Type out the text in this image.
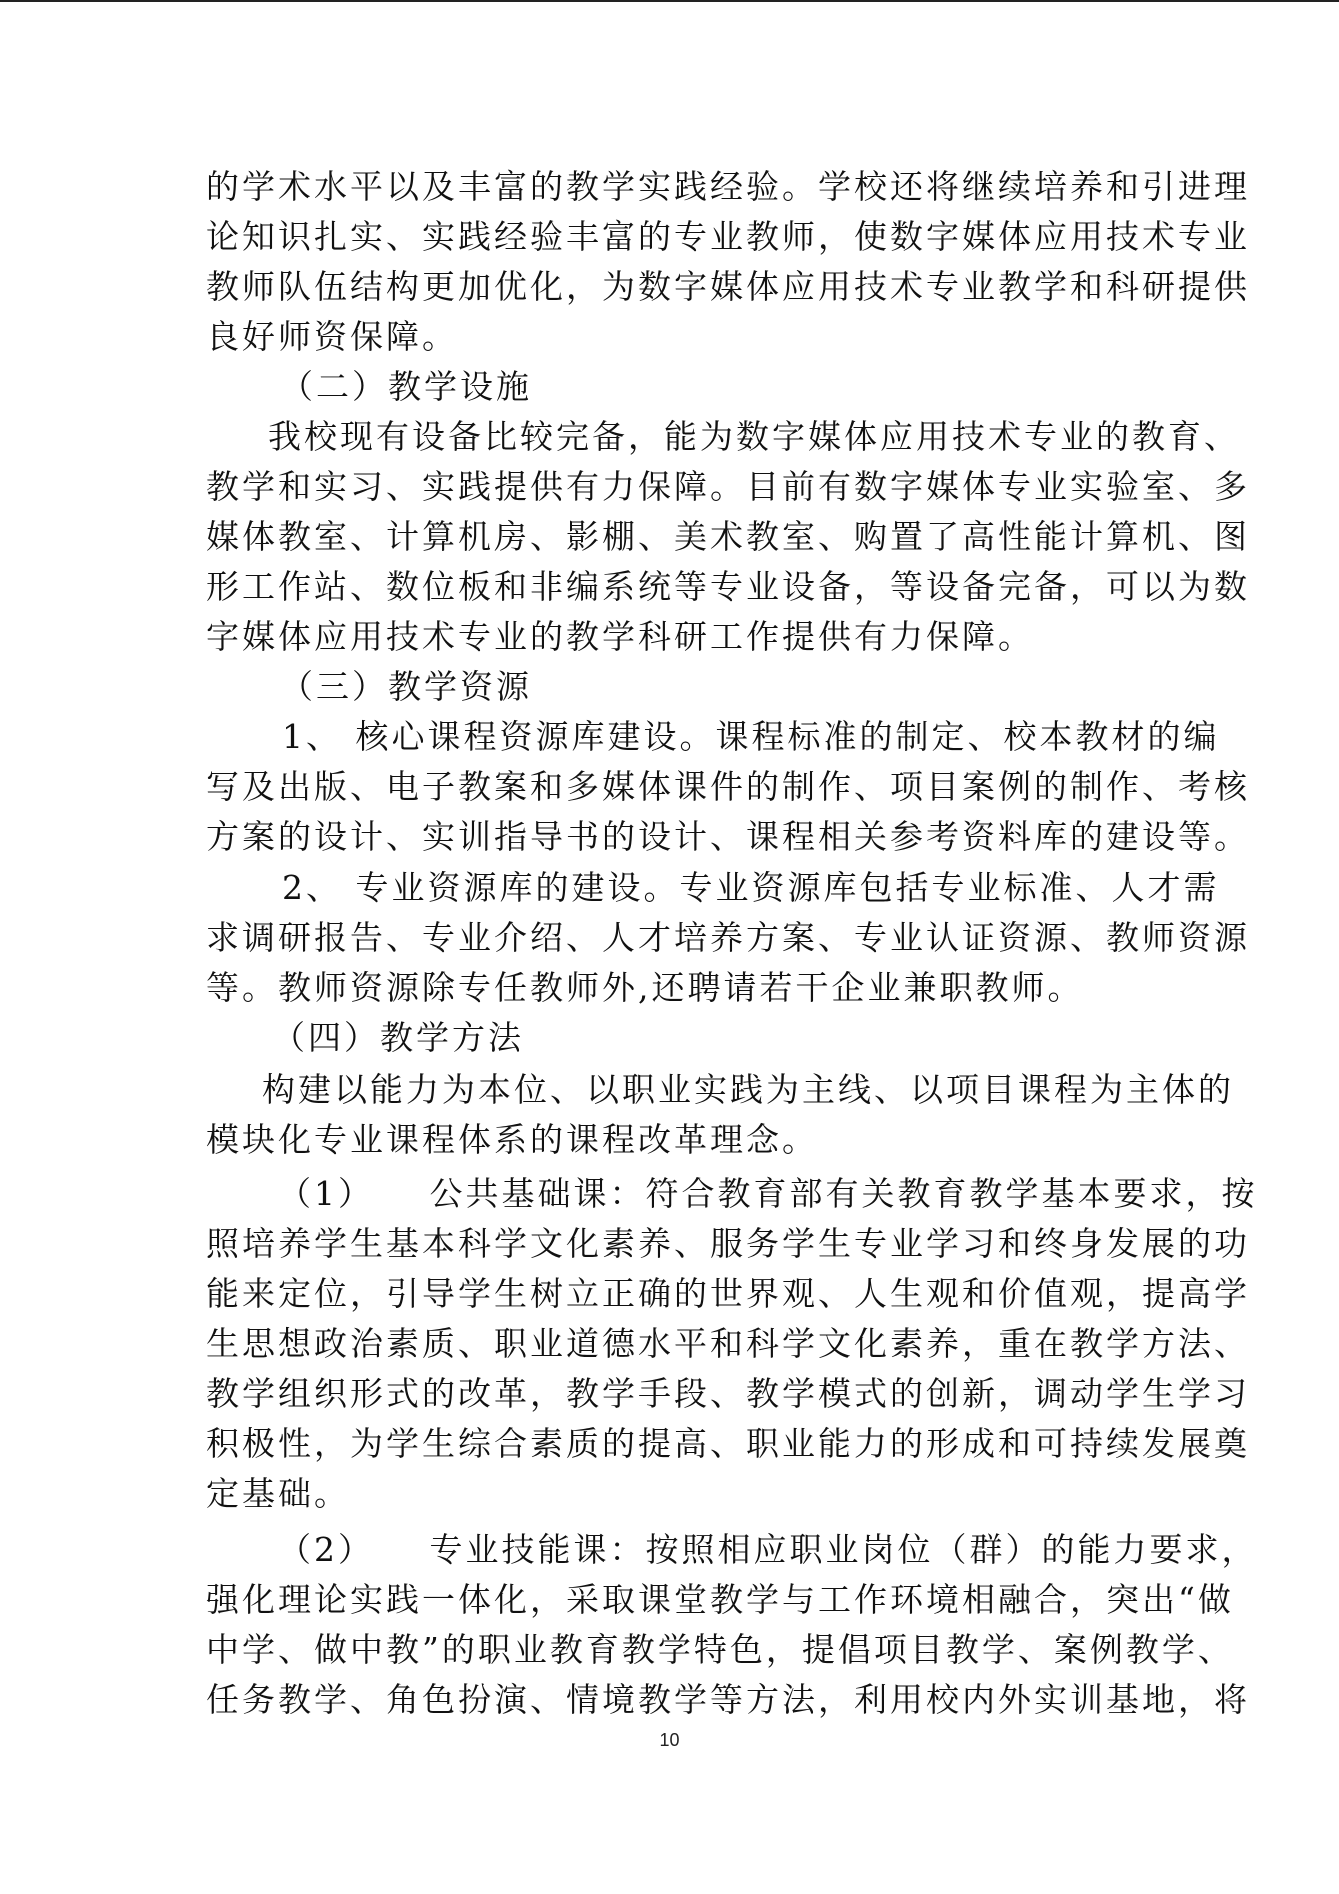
的学术水平以及丰富的教学实践经验。学校还将继续培养和引进理
论知识扎实、实践经验丰富的专业教师，使数字媒体应用技术专业
教师队伍结构更加优化，为数字媒体应用技术专业教学和科研提供
良好师资保障。
（二）教学设施
我校现有设备比较完备，能为数字媒体应用技术专业的教育、
教学和实习、实践提供有力保障。目前有数字媒体专业实验室、多
媒体教室、计算机房、影棚、美术教室、购置了高性能计算机、图
形工作站、数位板和非编系统等专业设备，等设备完备，可以为数
字媒体应用技术专业的教学科研工作提供有力保障。
（三）教学资源
1、 核心课程资源库建设。课程标准的制定、校本教材的编
写及出版、电子教案和多媒体课件的制作、项目案例的制作、考核
方案的设计、实训指导书的设计、课程相关参考资料库的建设等。
2、 专业资源库的建设。专业资源库包括专业标准、人才需
求调研报告、专业介绍、人才培养方案、专业认证资源、教师资源
等。教师资源除专任教师外,还聘请若干企业兼职教师。
（四）教学方法
构建以能力为本位、以职业实践为主线、以项目课程为主体的
模块化专业课程体系的课程改革理念。
（1）　　公共基础课：符合教育部有关教育教学基本要求，按
照培养学生基本科学文化素养、服务学生专业学习和终身发展的功
能来定位，引导学生树立正确的世界观、人生观和价值观，提高学
生思想政治素质、职业道德水平和科学文化素养，重在教学方法、
教学组织形式的改革，教学手段、教学模式的创新，调动学生学习
积极性，为学生综合素质的提高、职业能力的形成和可持续发展奠
定基础。
（2）　　专业技能课：按照相应职业岗位（群）的能力要求，
强化理论实践一体化，采取课堂教学与工作环境相融合，突出“做
中学、做中教”的职业教育教学特色，提倡项目教学、案例教学、
任务教学、角色扮演、情境教学等方法，利用校内外实训基地，将
10
